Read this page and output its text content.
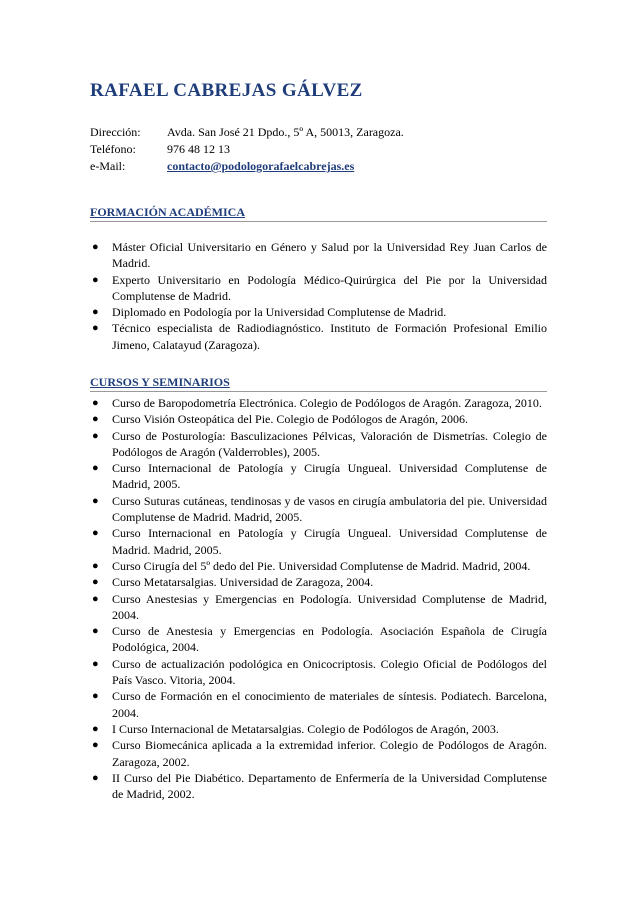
RAFAEL CABREJAS GÁLVEZ
Dirección:	Avda. San José 21 Dpdo., 5º A, 50013, Zaragoza.
Teléfono:	976 48 12 13
e-Mail:	contacto@podologorafaelcabrejas.es
FORMACIÓN ACADÉMICA
● Máster Oficial Universitario en Género y Salud por la Universidad Rey Juan Carlos de Madrid.
● Experto Universitario en Podología Médico-Quirúrgica del Pie por la Universidad Complutense de Madrid.
● Diplomado en Podología por la Universidad Complutense de Madrid.
● Técnico especialista de Radiodiagnóstico. Instituto de Formación Profesional Emilio Jimeno, Calatayud (Zaragoza).
CURSOS Y SEMINARIOS
● Curso de Baropodometría Electrónica. Colegio de Podólogos de Aragón. Zaragoza, 2010.
● Curso Visión Osteopática del Pie. Colegio de Podólogos de Aragón, 2006.
● Curso de Posturología: Basculizaciones Pélvicas, Valoración de Dismetrías. Colegio de Podólogos de Aragón (Valderrobles), 2005.
● Curso Internacional de Patología y Cirugía Ungueal. Universidad Complutense de Madrid, 2005.
● Curso Suturas cutáneas, tendinosas y de vasos en cirugía ambulatoria del pie. Universidad Complutense de Madrid. Madrid, 2005.
● Curso Internacional en Patología y Cirugía Ungueal. Universidad Complutense de Madrid. Madrid, 2005.
● Curso Cirugía del 5º dedo del Pie. Universidad Complutense de Madrid. Madrid, 2004.
● Curso Metatarsalgias. Universidad de Zaragoza, 2004.
● Curso Anestesias y Emergencias en Podología. Universidad Complutense de Madrid, 2004.
● Curso de Anestesia y Emergencias en Podología. Asociación Española de Cirugía Podológica, 2004.
● Curso de actualización podológica en Onicocriptosis. Colegio Oficial de Podólogos del País Vasco. Vitoria, 2004.
● Curso de Formación en el conocimiento de materiales de síntesis. Podiatech. Barcelona, 2004.
● I Curso Internacional de Metatarsalgias. Colegio de Podólogos de Aragón, 2003.
● Curso Biomecánica aplicada a la extremidad inferior. Colegio de Podólogos de Aragón. Zaragoza, 2002.
● II Curso del Pie Diabético. Departamento de Enfermería de la Universidad Complutense de Madrid, 2002.
